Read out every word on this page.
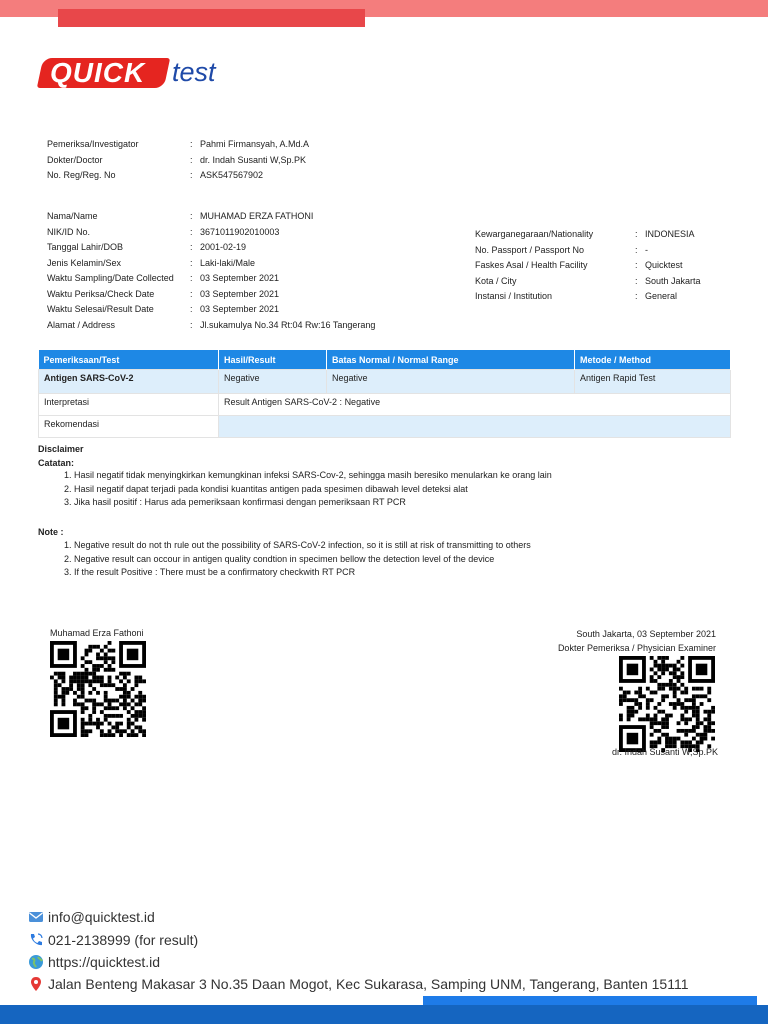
QUICK test
Pemeriksa/Investigator	: Pahmi Firmansyah, A.Md.A
Dokter/Doctor	: dr. Indah Susanti W,Sp.PK
No. Reg/Reg. No	: ASK547567902
Nama/Name	: MUHAMAD ERZA FATHONI
NIK/ID No.	: 3671011902010003
Tanggal Lahir/DOB	: 2001-02-19
Jenis Kelamin/Sex	: Laki-laki/Male
Waktu Sampling/Date Collected	: 03 September 2021
Waktu Periksa/Check Date	: 03 September 2021
Waktu Selesai/Result Date	: 03 September 2021
Alamat / Address	: Jl.sukamulya No.34 Rt:04 Rw:16 Tangerang
Kewarganegaraan/Nationality	: INDONESIA
No. Passport / Passport No	: -
Faskes Asal / Health Facility	: Quicktest
Kota / City	: South Jakarta
Instansi / Institution	: General
Pemeriksaan/Test	Hasil/Result	Batas Normal / Normal Range	Metode / Method
Antigen SARS-CoV-2	Negative	Negative	Antigen Rapid Test
Interpretasi	Result Antigen SARS-CoV-2 : Negative		
Rekomendasi			
Disclaimer
Catatan:
1. Hasil negatif tidak menyingkirkan kemungkinan infeksi SARS-Cov-2, sehingga masih beresiko menularkan ke orang lain
2. Hasil negatif dapat terjadi pada kondisi kuantitas antigen pada spesimen dibawah level deteksi alat
3. Jika hasil positif : Harus ada pemeriksaan konfirmasi dengan pemeriksaan RT PCR
Note :
1. Negative result do not th rule out the possibility of SARS-CoV-2 infection, so it is still at risk of transmitting to others
2. Negative result can occour in antigen quality condtion in specimen bellow the detection level of the device
3. If the result Positive : There must be a confirmatory checkwith RT PCR
Muhamad Erza Fathoni	South Jakarta, 03 September 2021
Dokter Pemeriksa / Physician Examiner
dr. Indah Susanti W,Sp.PK
info@quicktest.id
021-2138999 (for result)
https://quicktest.id
Jalan Benteng Makasar 3 No.35 Daan Mogot, Kec Sukarasa, Samping UNM, Tangerang, Banten 15111
